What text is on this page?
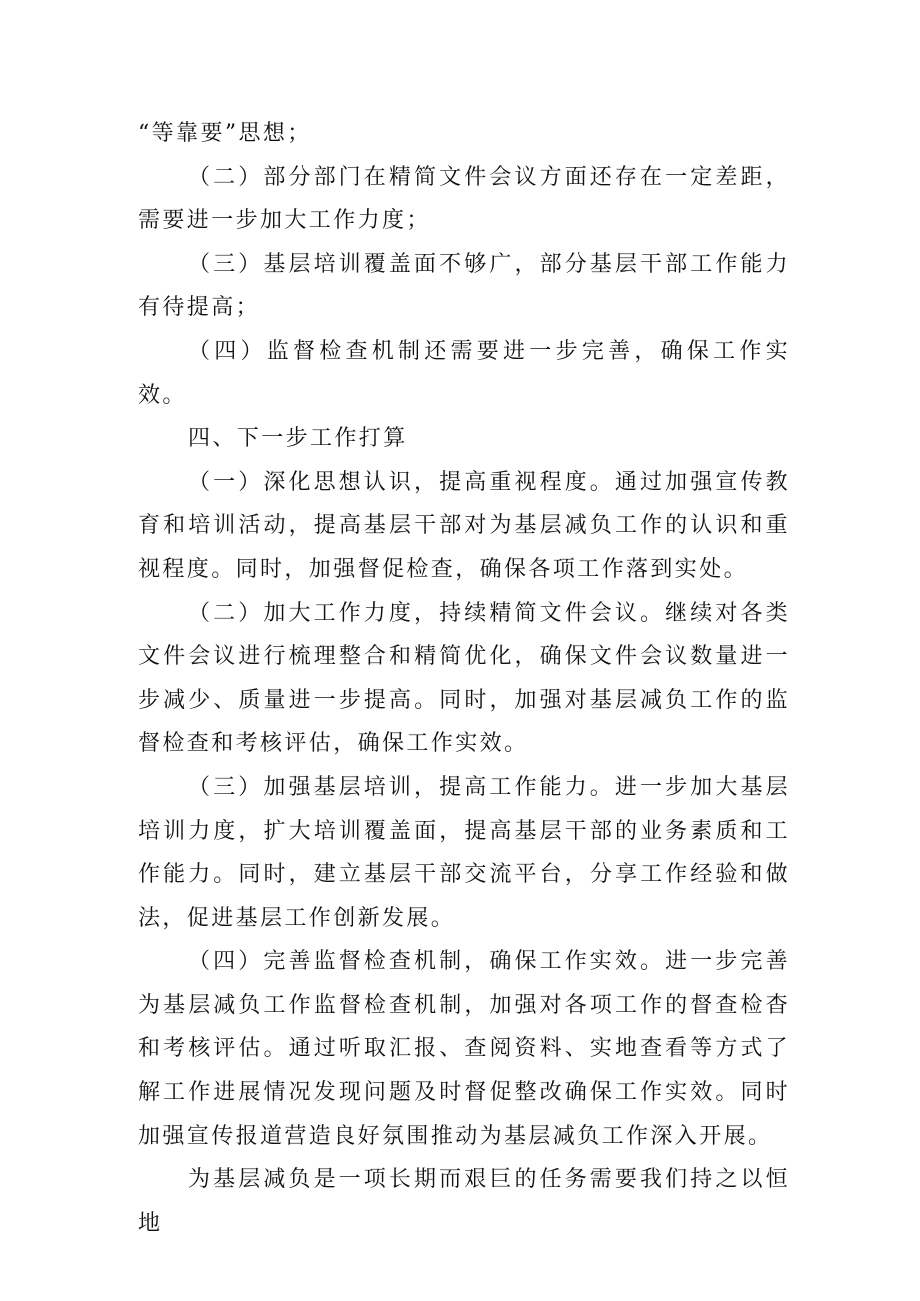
“等靠要”思想；

（二）部分部门在精简文件会议方面还存在一定差距，需要进一步加大工作力度；

（三）基层培训覆盖面不够广，部分基层干部工作能力有待提高；

（四）监督检查机制还需要进一步完善，确保工作实效。

四、下一步工作打算

（一）深化思想认识，提高重视程度。通过加强宣传教育和培训活动，提高基层干部对为基层减负工作的认识和重视程度。同时，加强督促检查，确保各项工作落到实处。

（二）加大工作力度，持续精简文件会议。继续对各类文件会议进行梳理整合和精简优化，确保文件会议数量进一步减少、质量进一步提高。同时，加强对基层减负工作的监督检查和考核评估，确保工作实效。

（三）加强基层培训，提高工作能力。进一步加大基层培训力度，扩大培训覆盖面，提高基层干部的业务素质和工作能力。同时，建立基层干部交流平台，分享工作经验和做法，促进基层工作创新发展。

（四）完善监督检查机制，确保工作实效。进一步完善为基层减负工作监督检查机制，加强对各项工作的督查检杳和考核评估。通过听取汇报、查阅资料、实地查看等方式了解工作进展情况发现问题及时督促整改确保工作实效。同时加强宣传报道营造良好氛围推动为基层减负工作深入开展。

为基层减负是一项长期而艰巨的任务需要我们持之以恒地
